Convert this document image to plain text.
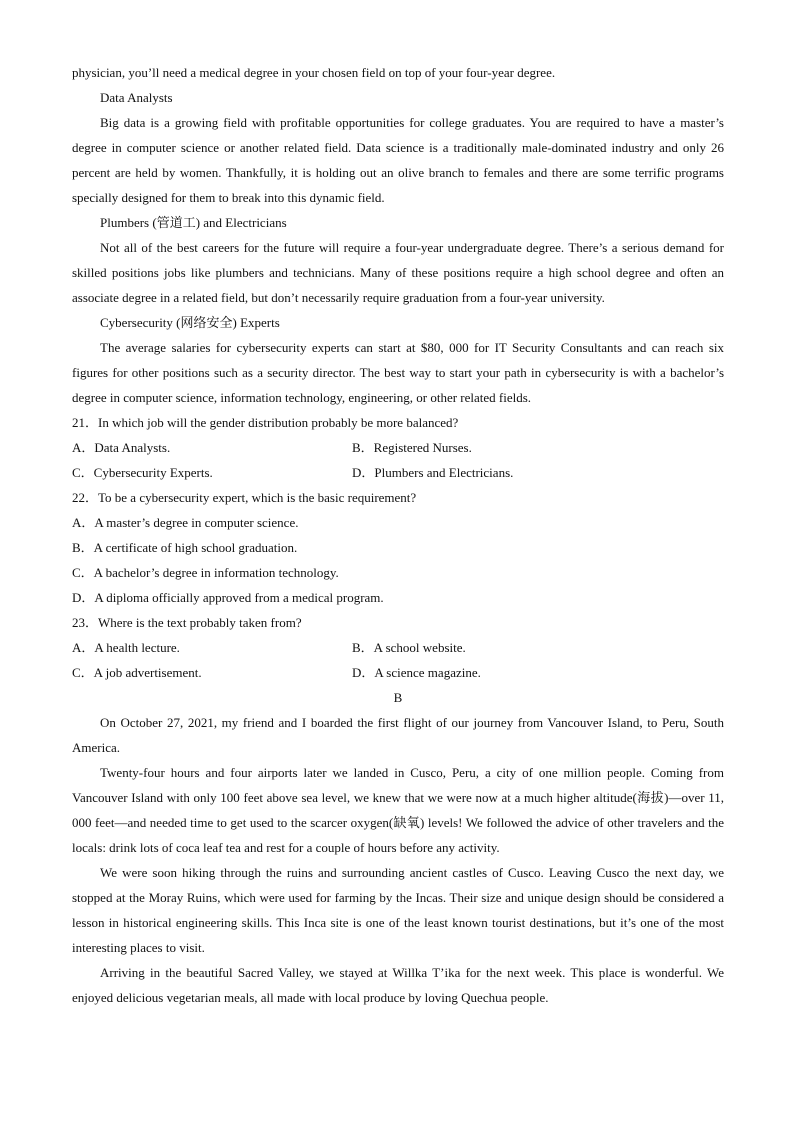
physician, you’ll need a medical degree in your chosen field on top of your four-year degree.

Data Analysts

Big data is a growing field with profitable opportunities for college graduates. You are required to have a master’s degree in computer science or another related field. Data science is a traditionally male-dominated industry and only 26 percent are held by women. Thankfully, it is holding out an olive branch to females and there are some terrific programs specially designed for them to break into this dynamic field.

Plumbers (管道工) and Electricians

Not all of the best careers for the future will require a four-year undergraduate degree. There’s a serious demand for skilled positions jobs like plumbers and technicians. Many of these positions require a high school degree and often an associate degree in a related field, but don’t necessarily require graduation from a four-year university.

Cybersecurity (网络安全) Experts

The average salaries for cybersecurity experts can start at $80, 000 for IT Security Consultants and can reach six figures for other positions such as a security director. The best way to start your path in cybersecurity is with a bachelor’s degree in computer science, information technology, engineering, or other related fields.

21．In which job will the gender distribution probably be more balanced?

A．Data Analysts.	B．Registered Nurses.
C．Cybersecurity Experts.	D．Plumbers and Electricians.

22．To be a cybersecurity expert, which is the basic requirement?

A．A master’s degree in computer science.

B．A certificate of high school graduation.

C．A bachelor’s degree in information technology.

D．A diploma officially approved from a medical program.

23．Where is the text probably taken from?

A．A health lecture.	B．A school website.
C．A job advertisement.	D．A science magazine.

B

On October 27, 2021, my friend and I boarded the first flight of our journey from Vancouver Island, to Peru, South America.

Twenty-four hours and four airports later we landed in Cusco, Peru, a city of one million people. Coming from Vancouver Island with only 100 feet above sea level, we knew that we were now at a much higher altitude(海拔)—over 11, 000 feet—and needed time to get used to the scarcer oxygen(缺氧) levels! We followed the advice of other travelers and the locals: drink lots of coca leaf tea and rest for a couple of hours before any activity.

We were soon hiking through the ruins and surrounding ancient castles of Cusco. Leaving Cusco the next day, we stopped at the Moray Ruins, which were used for farming by the Incas. Their size and unique design should be considered a lesson in historical engineering skills. This Inca site is one of the least known tourist destinations, but it’s one of the most interesting places to visit.

Arriving in the beautiful Sacred Valley, we stayed at Willka T’ika for the next week. This place is wonderful. We enjoyed delicious vegetarian meals, all made with local produce by loving Quechua people.
